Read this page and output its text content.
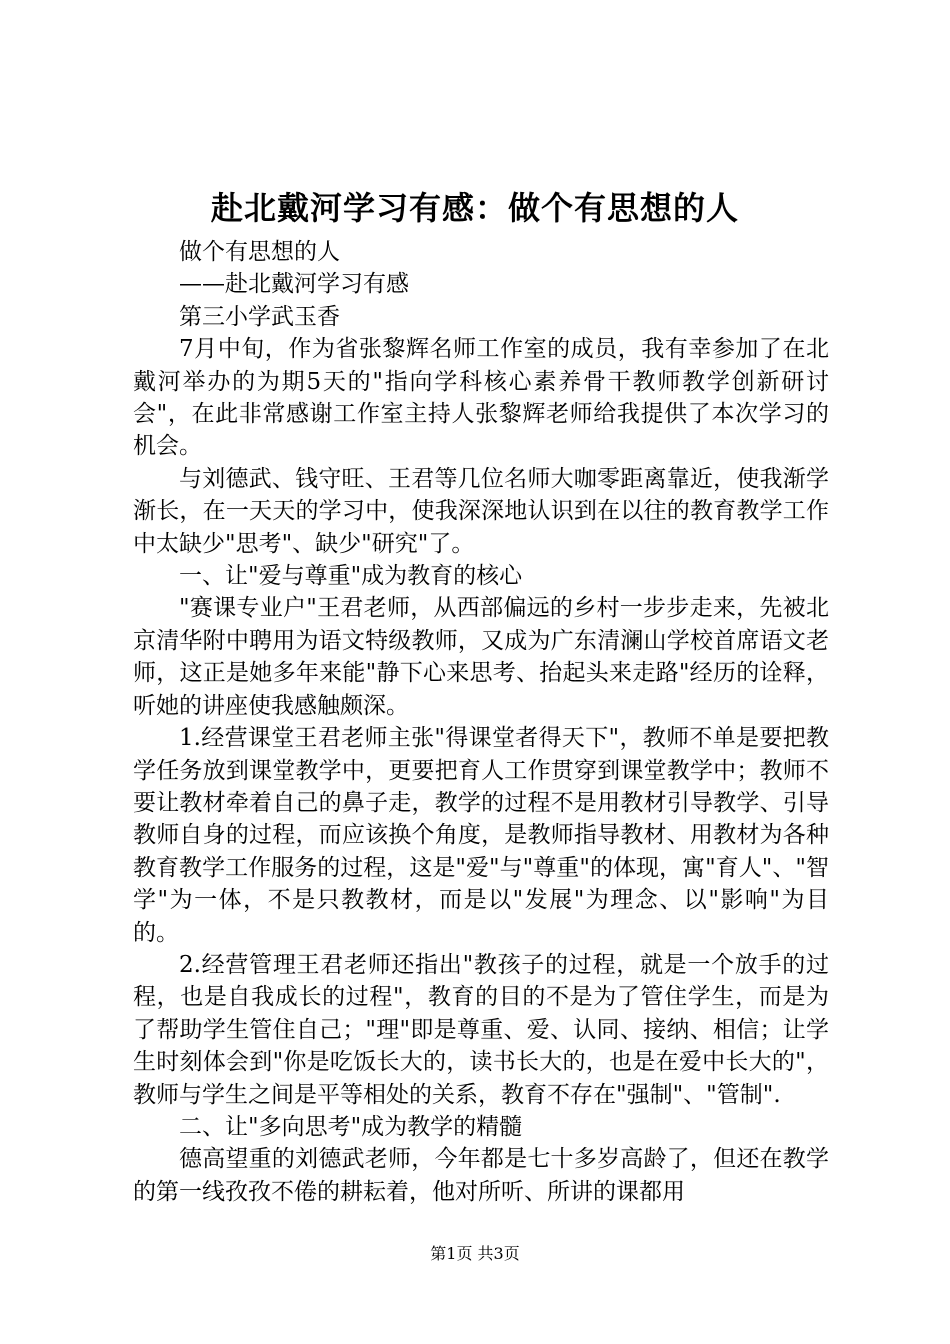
赴北戴河学习有感：做个有思想的人

做个有思想的人

——赴北戴河学习有感

第三小学武玉香

7月中旬，作为省张黎辉名师工作室的成员，我有幸参加了在北戴河举办的为期5天的"指向学科核心素养骨干教师教学创新研讨会"，在此非常感谢工作室主持人张黎辉老师给我提供了本次学习的机会。

与刘德武、钱守旺、王君等几位名师大咖零距离靠近，使我渐学渐长，在一天天的学习中，使我深深地认识到在以往的教育教学工作中太缺少"思考"、缺少"研究"了。

一、让"爱与尊重"成为教育的核心

"赛课专业户"王君老师，从西部偏远的乡村一步步走来，先被北京清华附中聘用为语文特级教师，又成为广东清澜山学校首席语文老师，这正是她多年来能"静下心来思考、抬起头来走路"经历的诠释，听她的讲座使我感触颇深。

1.经营课堂王君老师主张"得课堂者得天下"，教师不单是要把教学任务放到课堂教学中，更要把育人工作贯穿到课堂教学中；教师不要让教材牵着自己的鼻子走，教学的过程不是用教材引导教学、引导教师自身的过程，而应该换个角度，是教师指导教材、用教材为各种教育教学工作服务的过程，这是"爱"与"尊重"的体现，寓"育人"、"智学"为一体，不是只教教材，而是以"发展"为理念、以"影响"为目的。

2.经营管理王君老师还指出"教孩子的过程，就是一个放手的过程，也是自我成长的过程"，教育的目的不是为了管住学生，而是为了帮助学生管住自己；"理"即是尊重、爱、认同、接纳、相信；让学生时刻体会到"你是吃饭长大的，读书长大的，也是在爱中长大的"，教师与学生之间是平等相处的关系，教育不存在"强制"、"管制".

二、让"多向思考"成为教学的精髓

德高望重的刘德武老师，今年都是七十多岁高龄了，但还在教学的第一线孜孜不倦的耕耘着，他对所听、所讲的课都用

第1页 共3页
